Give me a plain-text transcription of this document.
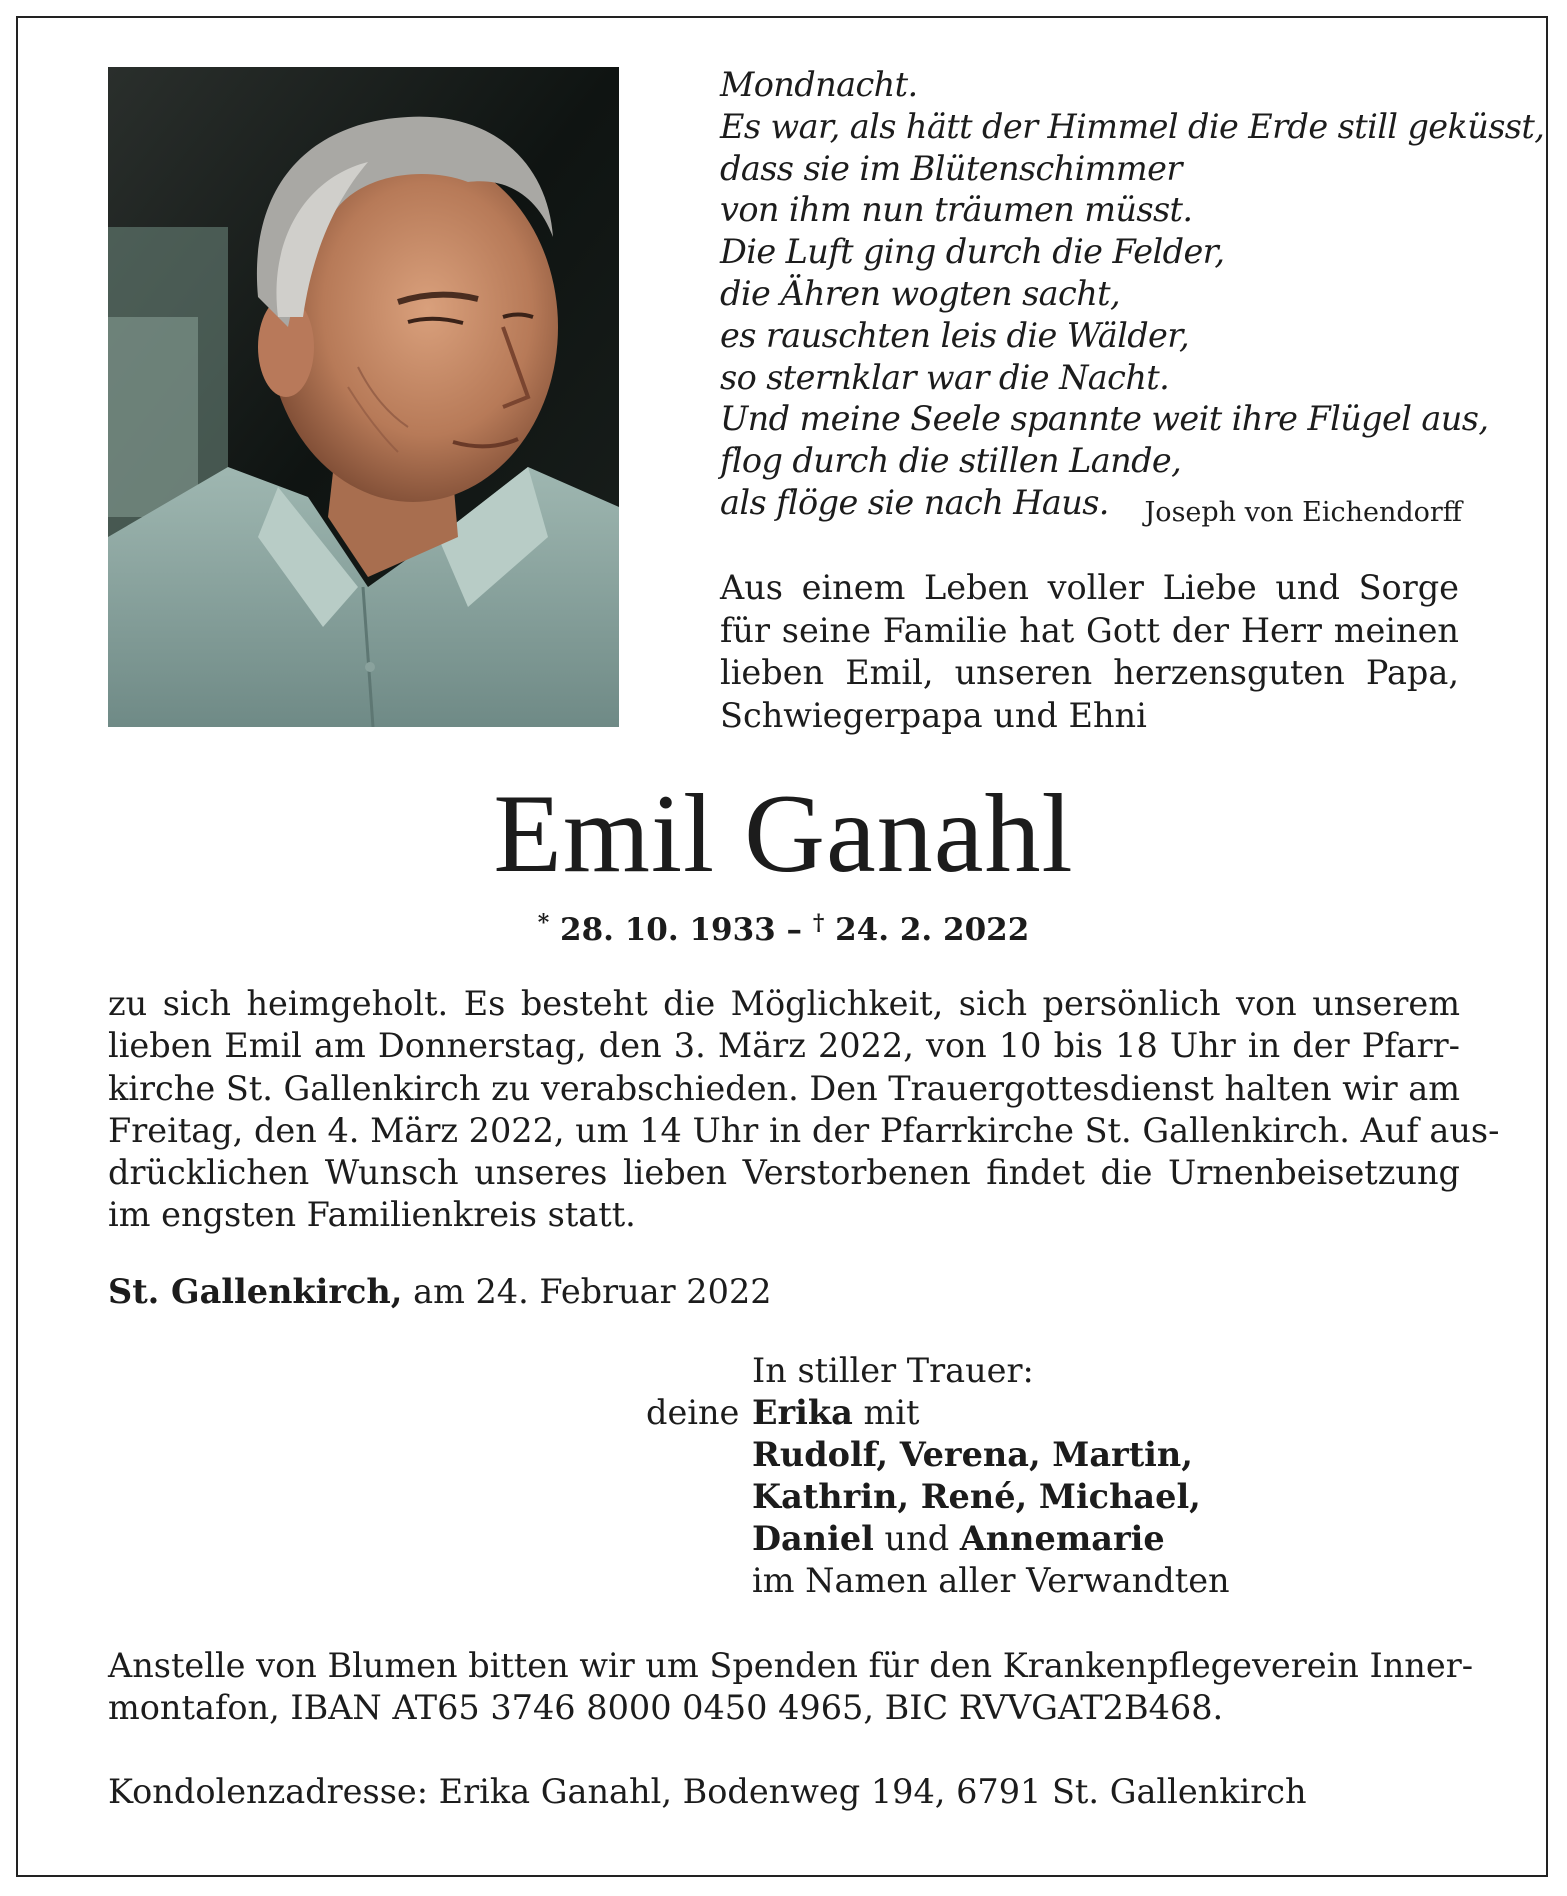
Mondnacht.
Es war, als hätt der Himmel die Erde still geküsst,
dass sie im Blütenschimmer
von ihm nun träumen müsst.
Die Luft ging durch die Felder,
die Ähren wogten sacht,
es rauschten leis die Wälder,
so sternklar war die Nacht.
Und meine Seele spannte weit ihre Flügel aus,
flog durch die stillen Lande,
als flöge sie nach Haus.	Joseph von Eichendorff
Aus einem Leben voller Liebe und Sorge für seine Familie hat Gott der Herr meinen lieben Emil, unseren herzensguten Papa, Schwiegerpapa und Ehni
Emil Ganahl
* 28. 10. 1933 – † 24. 2. 2022
zu sich heimgeholt. Es besteht die Möglichkeit, sich persönlich von unserem
lieben Emil am Donnerstag, den 3. März 2022, von 10 bis 18 Uhr in der Pfarr-
kirche St. Gallenkirch zu verabschieden. Den Trauergottesdienst halten wir am
Freitag, den 4. März 2022, um 14 Uhr in der Pfarrkirche St. Gallenkirch. Auf aus-
drücklichen Wunsch unseres lieben Verstorbenen findet die Urnenbeisetzung
im engsten Familienkreis statt.
St. Gallenkirch, am 24. Februar 2022
In stiller Trauer:
deine Erika mit
Rudolf, Verena, Martin,
Kathrin, René, Michael,
Daniel und Annemarie
im Namen aller Verwandten
Anstelle von Blumen bitten wir um Spenden für den Krankenpflegeverein Inner-
montafon, IBAN AT65 3746 8000 0450 4965, BIC RVVGAT2B468.
Kondolenzadresse: Erika Ganahl, Bodenweg 194, 6791 St. Gallenkirch
